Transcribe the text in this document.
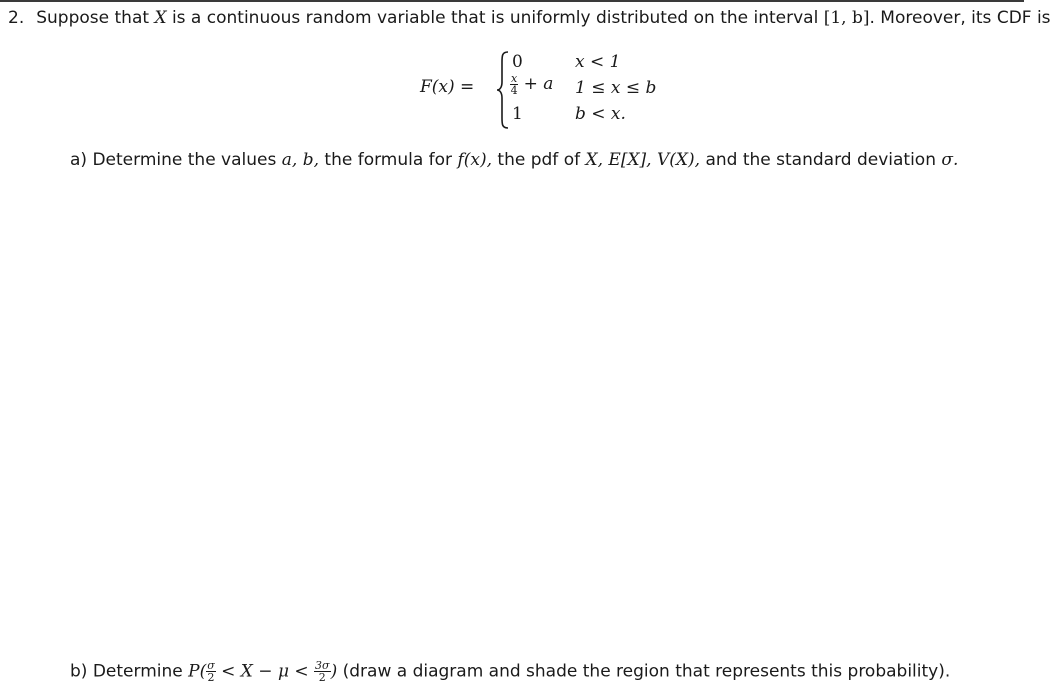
2. Suppose that X is a continuous random variable that is uniformly distributed on the interval [1, b]. Moreover, its CDF is
F(x) =
0	x < 1
$\frac{x}{4} + a$ 1 ≤ x ≤ b
1	b < x.
a) Determine the values a, b, the formula for f(x), the pdf of X, E[X], V(X), and the standard deviation σ.
b) Determine $P( \frac{\sigma}{2} < X - \mu < \frac{3\sigma}{2}$ ) (draw a diagram and shade the region that represents this probability).
